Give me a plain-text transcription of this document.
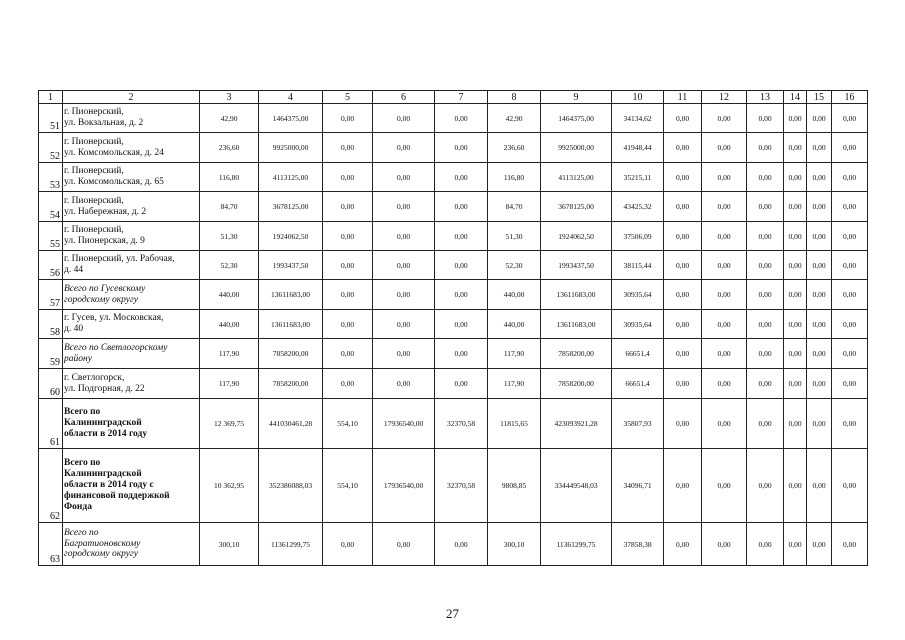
1	2	3	4	5	6	7	8	9	10	11	12	13	14	15	16
51	г. Пионерский,
ул. Вокзальная, д. 2	42,90	1464375,00	0,00	0,00	0,00	42,90	1464375,00	34134,62	0,00	0,00	0,00	0,00	0,00	0,00
52	г. Пионерский,
ул. Комсомольская, д. 24	236,60	9925000,00	0,00	0,00	0,00	236,60	9925000,00	41948,44	0,00	0,00	0,00	0,00	0,00	0,00
53	г. Пионерский,
ул. Комсомольская, д. 65	116,80	4113125,00	0,00	0,00	0,00	116,80	4113125,00	35215,11	0,00	0,00	0,00	0,00	0,00	0,00
54	г. Пионерский,
ул. Набережная, д. 2	84,70	3678125,00	0,00	0,00	0,00	84,70	3678125,00	43425,32	0,00	0,00	0,00	0,00	0,00	0,00
55	г. Пионерский,
ул. Пионерская, д. 9	51,30	1924062,50	0,00	0,00	0,00	51,30	1924062,50	37506,09	0,00	0,00	0,00	0,00	0,00	0,00
56	г. Пионерский, ул. Рабочая,
д. 44	52,30	1993437,50	0,00	0,00	0,00	52,30	1993437,50	38115,44	0,00	0,00	0,00	0,00	0,00	0,00
57	Всего по Гусевскому
городскому округу	440,00	13611683,00	0,00	0,00	0,00	440,00	13611683,00	30935,64	0,00	0,00	0,00	0,00	0,00	0,00
58	г. Гусев, ул. Московская,
д. 40	440,00	13611683,00	0,00	0,00	0,00	440,00	13611683,00	30935,64	0,00	0,00	0,00	0,00	0,00	0,00
59	Всего по Светлогорскому
району	117,90	7858200,00	0,00	0,00	0,00	117,90	7858200,00	66651,4	0,00	0,00	0,00	0,00	0,00	0,00
60	г. Светлогорск,
ул. Подгорная, д. 22	117,90	7858200,00	0,00	0,00	0,00	117,90	7858200,00	66651,4	0,00	0,00	0,00	0,00	0,00	0,00
61	Всего по
Калининградской
области в 2014 году	12 369,75	441030461,28	554,10	17936540,00	32370,58	11815,65	423093921,28	35807,93	0,00	0,00	0,00	0,00	0,00	0,00
62	Всего по
Калининградской
области в 2014 году с
финансовой поддержкой
Фонда	10 362,95	352386088,03	554,10	17936540,00	32370,58	9808,85	334449548,03	34096,71	0,00	0,00	0,00	0,00	0,00	0,00
63	Всего по
Багратионовскому
городскому округу	300,10	11361299,75	0,00	0,00	0,00	300,10	11361299,75	37858,38	0,00	0,00	0,00	0,00	0,00	0,00
27
